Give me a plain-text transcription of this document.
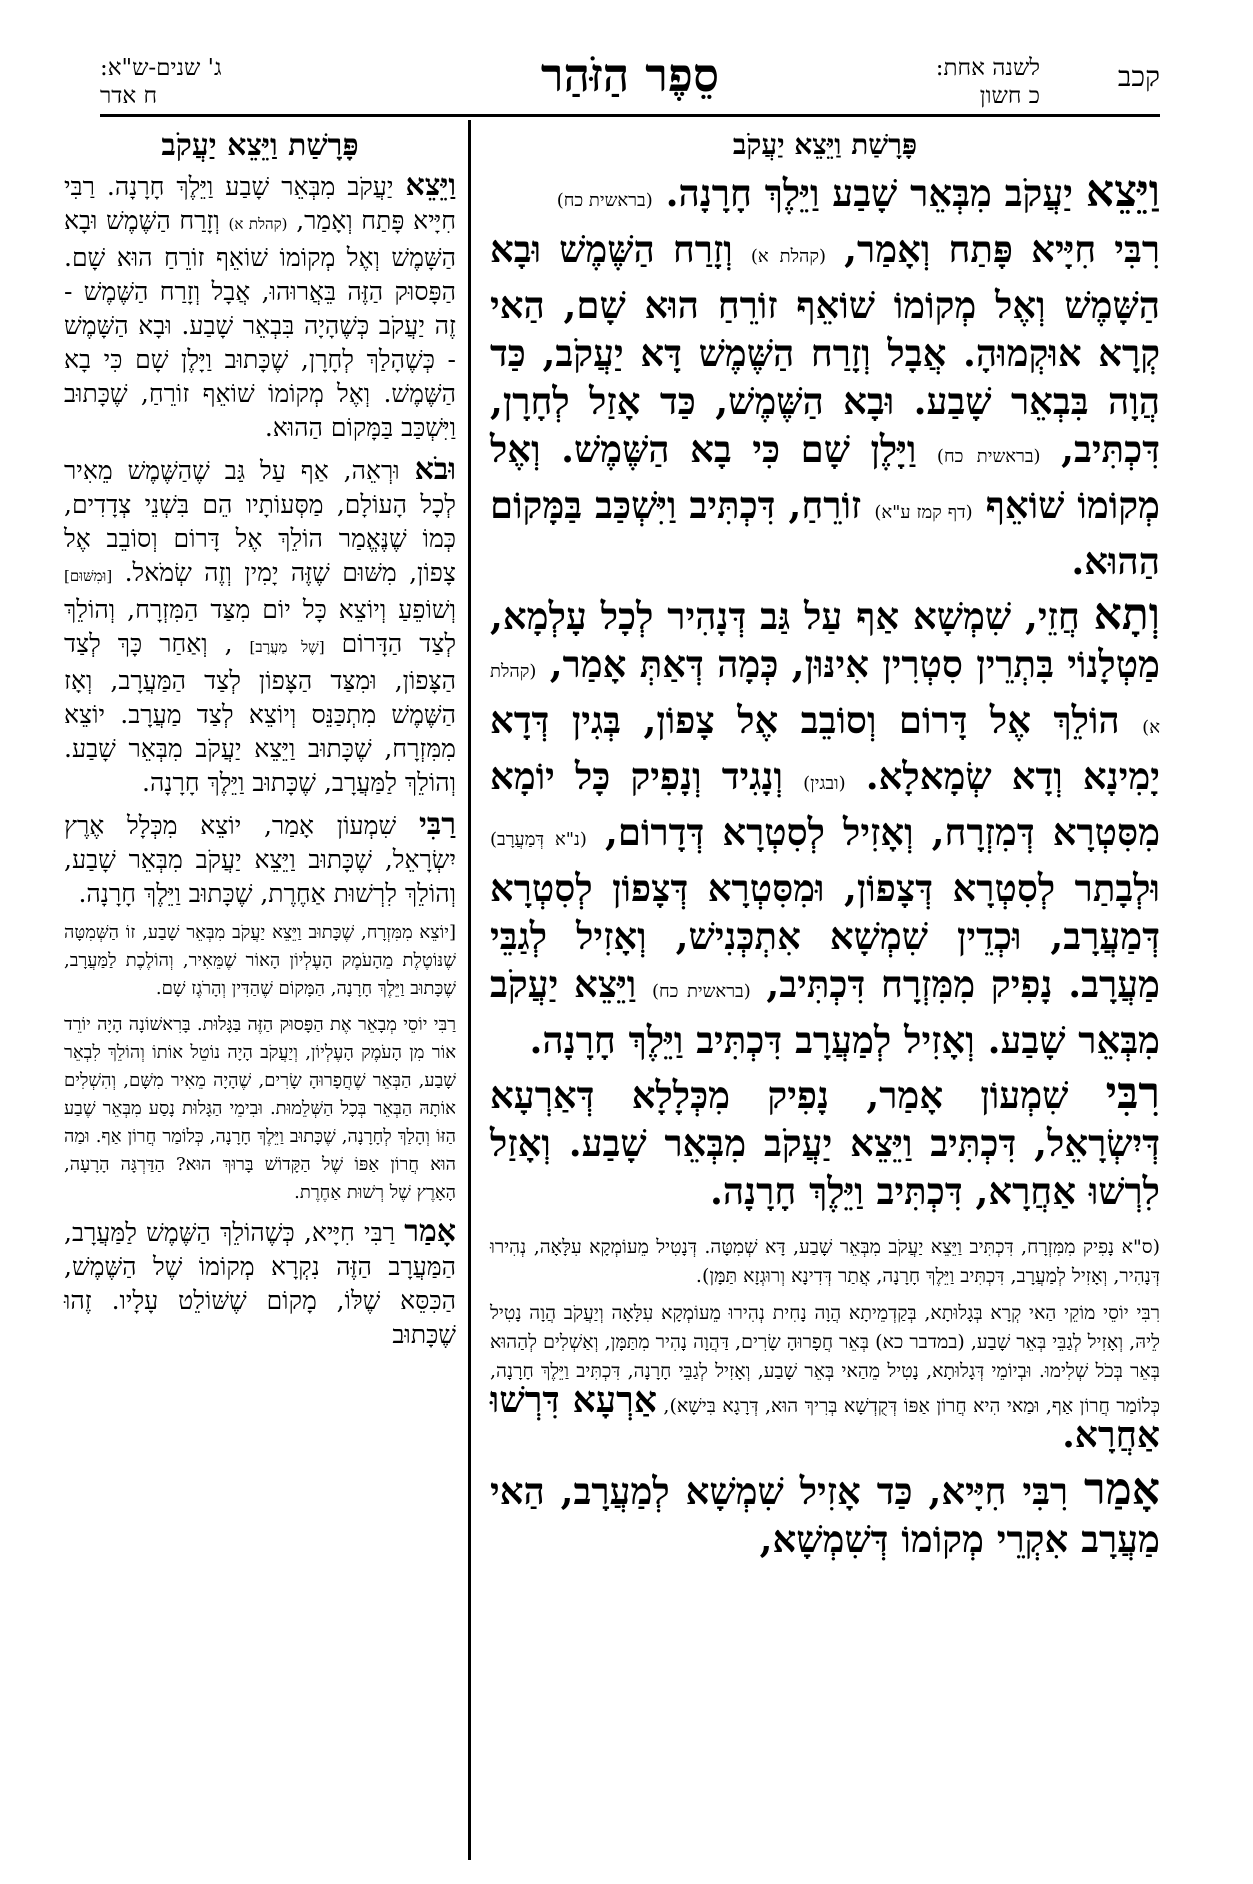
קכב
לשנה אחת:
כ חשון
סֵפֶר הַזֹּהַר
ג' שנים-ש"א:
ח אדר
פָּרָשַׁת וַיֵּצֵא יַעֲקֹב

וַיֵּצֵא יַעֲקֹב מִבְּאֵר שָׁבַע וַיֵּלֶךְ חָרָנָה. (בראשית כח)

רִבִּי חִיָּיא פָּתַח וְאָמַר, (קהלת א) וְזָרַח הַשֶּׁמֶשׁ וּבָא הַשָּׁמֶשׁ וְאֶל מְקוֹמוֹ שׁוֹאֵף זוֹרֵחַ הוּא שָׁם, הַאי קְרָא אוּקְמוּהָ. אֲבָל וְזָרַח הַשֶּׁמֶשׁ דָּא יַעֲקֹב, כַּד הֲוָה בִּבְאֵר שָׁבַע. וּבָא הַשֶּׁמֶשׁ, כַּד אָזַל לְחָרָן, דִּכְתִּיב, (בראשית כח) וַיָּלֶן שָׁם כִּי בָא הַשֶּׁמֶשׁ. וְאֶל מְקוֹמוֹ שׁוֹאֵף (דף קמז ע"א) זוֹרֵחַ, דִּכְתִּיב וַיִּשְׁכַּב בַּמָּקוֹם הַהוּא.

וְתָא חֲזֵי, שִׁמְשָׁא אַף עַל גַּב דְּנָהִיר לְכָל עָלְמָא, מַטְלָנוֹי בִּתְרֵין סִטְרִין אִינּוּן, כְּמָה דְּאַתְּ אָמַר, (קהלת א) הוֹלֵךְ אֶל דָּרוֹם וְסוֹבֵב אֶל צָפוֹן, בְּגִין דְּדָא יָמִינָא וְדָא שְׂמָאלָא. (ובגין) וְנָגִיד וְנָפִיק כָּל יוֹמָא מִסִּטְרָא דְּמִזְרָח, וְאָזִיל לְסִטְרָא דְּדָרוֹם, (נ"א דְּמַעֲרָב) וּלְבָתַר לְסִטְרָא דְּצָפוֹן, וּמִסִּטְרָא דְּצָפוֹן לְסִטְרָא דְּמַעֲרָב, וּכְדֵין שִׁמְשָׁא אִתְכְּנִישׁ, וְאָזִיל לְגַבֵּי מַעֲרָב. נָפִיק מִמִּזְרָח דִּכְתִּיב, (בראשית כח) וַיֵּצֵא יַעֲקֹב מִבְּאֵר שָׁבַע. וְאָזִיל לְמַעֲרָב דִּכְתִּיב וַיֵּלֶךְ חָרָנָה.

רִבִּי שִׁמְעוֹן אָמַר, נָפִיק מִכְּלָלָא דְּאַרְעָא דְּיִשְׂרָאֵל, דִּכְתִּיב וַיֵּצֵא יַעֲקֹב מִבְּאֵר שָׁבַע. וְאָזַל לִרְשׁוּ אַחֲרָא, דִּכְתִּיב וַיֵּלֶךְ חָרָנָה.

(ס"א נָפִיק מִמִּזְרָח, דִּכְתִּיב וַיֵּצֵא יַעֲקֹב מִבְּאֵר שָׁבַע, דָּא שְׁמִטָּה. דְּנָטִיל מֵעוֹמְקָא עִלָּאָה, נְהִירוּ דְּנָהִיר, וְאָזִיל לְמַעֲרָב, דִּכְתִּיב וַיֵּלֶךְ חָרָנָה, אֲתַר דְּדִינָא וְרוּגְזָא תַּמָּן).

רִבִּי יוֹסֵי מוֹקֵי הַאי קְרָא בְּגָלוּתָא, בְּקַדְמֵיתָא הֲוָה נָחִית נְהִירוּ מֵעוֹמְקָא עִלָּאָה וְיַעֲקֹב הֲוָה נָטִיל לֵיהּ, וְאָזִיל לְגַבֵּי בְּאֵר שָׁבַע, (במדבר כא) בְּאֵר חֲפָרוּהָ שָׂרִים, דַּהֲוָה נָהִיר מִתַּמָּן, וְאַשְׁלִים לְהַהוּא בְּאֵר בְּכֹל שְׁלִימוּ. וּבְיוֹמֵי דְּגָלוּתָא, נָטִיל מֵהַאי בְּאֵר שָׁבַע, וְאָזִיל לְגַבֵּי חָרָנָה, דִּכְתִּיב וַיֵּלֶךְ חָרָנָה, כְּלוֹמַר חֲרוֹן אַף, וּמַאי הִיא חֲרוֹן אַפּוֹ דְּקֻדְשָׁא בְּרִיךְ הוּא, דְּרָגָא בִּישָׁא), אַרְעָא דִּרְשׁוּ אַחֲרָא.

אָמַר רִבִּי חִיָּיא, כַּד אָזִיל שִׁמְשָׁא לְמַעֲרָב, הַאי מַעֲרָב אִקְרֵי מְקוֹמוֹ דְּשִׁמְשָׁא,

פָּרָשַׁת וַיֵּצֵא יַעֲקֹב

וַיֵּצֵא יַעֲקֹב מִבְּאֵר שָׁבַע וַיֵּלֶךְ חָרָנָה. רַבִּי חִיָּיא פָּתַח וְאָמַר, (קהלת א) וְזָרַח הַשֶּׁמֶשׁ וּבָא הַשָּׁמֶשׁ וְאֶל מְקוֹמוֹ שׁוֹאֵף זוֹרֵחַ הוּא שָׁם. הַפָּסוּק הַזֶּה בֵּאֲרוּהוּ, אֲבָל וְזָרַח הַשֶּׁמֶשׁ - זֶה יַעֲקֹב כְּשֶׁהָיָה בִּבְאֵר שָׁבַע. וּבָא הַשָּׁמֶשׁ - כְּשֶׁהָלַךְ לְחָרָן, שֶׁכָּתוּב וַיָּלֶן שָׁם כִּי בָא הַשֶּׁמֶשׁ. וְאֶל מְקוֹמוֹ שׁוֹאֵף זוֹרֵחַ, שֶׁכָּתוּב וַיִּשְׁכַּב בַּמָּקוֹם הַהוּא.

וּבֹא וּרְאֵה, אַף עַל גַּב שֶׁהַשֶּׁמֶשׁ מֵאִיר לְכָל הָעוֹלָם, מַסְּעוֹתָיו הֵם בִּשְׁנֵי צְדָדִים, כְּמוֹ שֶׁנֶּאֱמַר הוֹלֵךְ אֶל דָּרוֹם וְסוֹבֵב אֶל צָפוֹן, מִשּׁוּם שֶׁזֶּה יָמִין וְזֶה שְׂמֹאל. [וּמִשּׁוּם] וְשׁוֹפֵעַ וְיוֹצֵא כָּל יוֹם מִצַּד הַמִּזְרָח, וְהוֹלֵךְ לְצַד הַדָּרוֹם [שֶׁל מַעֲרָב] , וְאַחַר כָּךְ לְצַד הַצָּפוֹן, וּמִצַּד הַצָּפוֹן לְצַד הַמַּעֲרָב, וְאָז הַשֶּׁמֶשׁ מִתְכַּנֵּס וְיוֹצֵא לְצַד מַעֲרָב. יוֹצֵא מִמִּזְרָח, שֶׁכָּתוּב וַיֵּצֵא יַעֲקֹב מִבְּאֵר שָׁבַע. וְהוֹלֵךְ לַמַּעֲרָב, שֶׁכָּתוּב וַיֵּלֶךְ חָרָנָה.

רַבִּי שִׁמְעוֹן אָמַר, יוֹצֵא מִכְּלָל אֶרֶץ יִשְׂרָאֵל, שֶׁכָּתוּב וַיֵּצֵא יַעֲקֹב מִבְּאֵר שָׁבַע, וְהוֹלֵךְ לִרְשׁוּת אַחֶרֶת, שֶׁכָּתוּב וַיֵּלֶךְ חָרָנָה.

[יוֹצֵא מִמִּזְרָח, שֶׁכָּתוּב וַיֵּצֵא יַעֲקֹב מִבְּאֵר שָׁבַע, זוֹ הַשְּׁמִטָּה שֶׁנּוֹטֶלֶת מֵהָעֹמֶק הָעֶלְיוֹן הָאוֹר שֶׁמֵּאִיר, וְהוֹלֶכֶת לַמַּעֲרָב, שֶׁכָּתוּב וַיֵּלֶךְ חָרָנָה, הַמָּקוֹם שֶׁהַדִּין וְהָרֹגֶז שָׁם.

רַבִּי יוֹסֵי מְבָאֵר אֶת הַפָּסוּק הַזֶּה בַּגָּלוּת. בָּרִאשׁוֹנָה הָיָה יוֹרֵד אוֹר מִן הָעֹמֶק הָעֶלְיוֹן, וְיַעֲקֹב הָיָה נוֹטֵל אוֹתוֹ וְהוֹלֵךְ לִבְאֵר שָׁבַע, הַבְּאֵר שֶׁחֲפָרוּהָ שָׂרִים, שֶׁהָיָה מֵאִיר מִשָּׁם, וְהִשְׁלִים אוֹתָהּ הַבְּאֵר בְּכָל הַשְּׁלֵמוּת. וּבִימֵי הַגָּלוּת נָסַע מִבְּאֵר שֶׁבַע הַזּוֹ וְהָלַךְ לְחָרָנָה, שֶׁכָּתוּב וַיֵּלֶךְ חָרָנָה, כְּלוֹמַר חֲרוֹן אַף. וּמַה הוּא חֲרוֹן אַפּוֹ שֶׁל הַקָּדוֹשׁ בָּרוּךְ הוּא? הַדַּרְגָּה הָרָעָה, הָאָרֶץ שֶׁל רְשׁוּת אַחֶרֶת.

אָמַר רַבִּי חִיָּיא, כְּשֶׁהוֹלֵךְ הַשֶּׁמֶשׁ לַמַּעֲרָב, הַמַּעֲרָב הַזֶּה נִקְרָא מְקוֹמוֹ שֶׁל הַשֶּׁמֶשׁ, הַכִּסֵּא שֶׁלּוֹ, מָקוֹם שֶׁשּׁוֹלֵט עָלָיו. זֶהוּ שֶׁכָּתוּב
